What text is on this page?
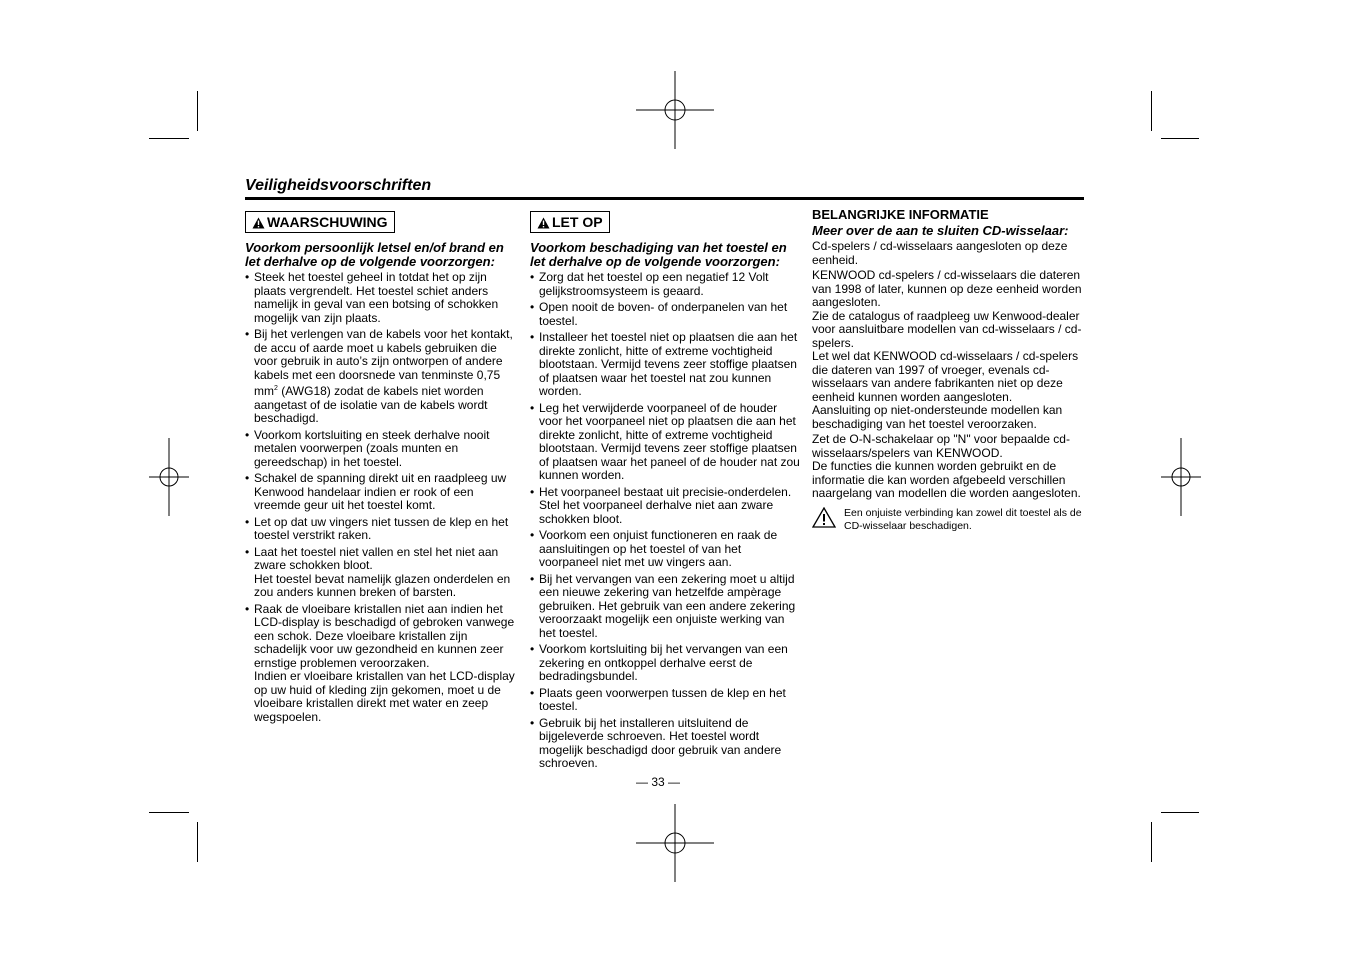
Veiligheidsvoorschriften
WAARSCHUWING

Voorkom persoonlijk letsel en/of brand en let derhalve op de volgende voorzorgen:

• Steek het toestel geheel in totdat het op zijn plaats vergrendelt. Het toestel schiet anders namelijk in geval van een botsing of schokken mogelijk van zijn plaats.
• Bij het verlengen van de kabels voor het kontakt, de accu of aarde moet u kabels gebruiken die voor gebruik in auto’s zijn ontworpen of andere kabels met een doorsnede van tenminste 0,75 $mm^2$ (AWG18) zodat de kabels niet worden aangetast of de isolatie van de kabels wordt beschadigd.
• Voorkom kortsluiting en steek derhalve nooit metalen voorwerpen (zoals munten en gereedschap) in het toestel.
• Schakel de spanning direkt uit en raadpleeg uw Kenwood handelaar indien er rook of een vreemde geur uit het toestel komt.
• Let op dat uw vingers niet tussen de klep en het toestel verstrikt raken.
• Laat het toestel niet vallen en stel het niet aan zware schokken bloot.
Het toestel bevat namelijk glazen onderdelen en zou anders kunnen breken of barsten.
• Raak de vloeibare kristallen niet aan indien het LCD-display is beschadigd of gebroken vanwege een schok. Deze vloeibare kristallen zijn schadelijk voor uw gezondheid en kunnen zeer ernstige problemen veroorzaken.
Indien er vloeibare kristallen van het LCD-display op uw huid of kleding zijn gekomen, moet u de vloeibare kristallen direkt met water en zeep wegspoelen.
LET OP

Voorkom beschadiging van het toestel en let derhalve op de volgende voorzorgen:

• Zorg dat het toestel op een negatief 12 Volt gelijkstroomsysteem is geaard.
• Open nooit de boven- of onderpanelen van het toestel.
• Installeer het toestel niet op plaatsen die aan het direkte zonlicht, hitte of extreme vochtigheid blootstaan. Vermijd tevens zeer stoffige plaatsen of plaatsen waar het toestel nat zou kunnen worden.
• Leg het verwijderde voorpaneel of de houder voor het voorpaneel niet op plaatsen die aan het direkte zonlicht, hitte of extreme vochtigheid blootstaan. Vermijd tevens zeer stoffige plaatsen of plaatsen waar het paneel of de houder nat zou kunnen worden.
• Het voorpaneel bestaat uit precisie-onderdelen. Stel het voorpaneel derhalve niet aan zware schokken bloot.
• Voorkom een onjuist functioneren en raak de aansluitingen op het toestel of van het voorpaneel niet met uw vingers aan.
• Bij het vervangen van een zekering moet u altijd een nieuwe zekering van hetzelfde ampèrage gebruiken. Het gebruik van een andere zekering veroorzaakt mogelijk een onjuiste werking van het toestel.
• Voorkom kortsluiting bij het vervangen van een zekering en ontkoppel derhalve eerst de bedradingsbundel.
• Plaats geen voorwerpen tussen de klep en het toestel.
• Gebruik bij het installeren uitsluitend de bijgeleverde schroeven. Het toestel wordt mogelijk beschadigd door gebruik van andere schroeven.

BELANGRIJKE INFORMATIE

Meer over de aan te sluiten CD-wisselaar:

Cd-spelers / cd-wisselaars aangesloten op deze eenheid.

KENWOOD cd-spelers / cd-wisselaars die dateren van 1998 of later, kunnen op deze eenheid worden aangesloten.
Zie de catalogus of raadpleeg uw Kenwood-dealer voor aansluitbare modellen van cd-wisselaars / cd-spelers.
Let wel dat KENWOOD cd-wisselaars / cd-spelers die dateren van 1997 of vroeger, evenals cd-wisselaars van andere fabrikanten niet op deze eenheid kunnen worden aangesloten.
Aansluiting op niet-ondersteunde modellen kan beschadiging van het toestel veroorzaken.

Zet de O-N-schakelaar op "N" voor bepaalde cd-wisselaars/spelers van KENWOOD.
De functies die kunnen worden gebruikt en de informatie die kan worden afgebeeld verschillen naargelang van modellen die worden aangesloten.

Een onjuiste verbinding kan zowel dit toestel als de CD-wisselaar beschadigen.
— 33 —
